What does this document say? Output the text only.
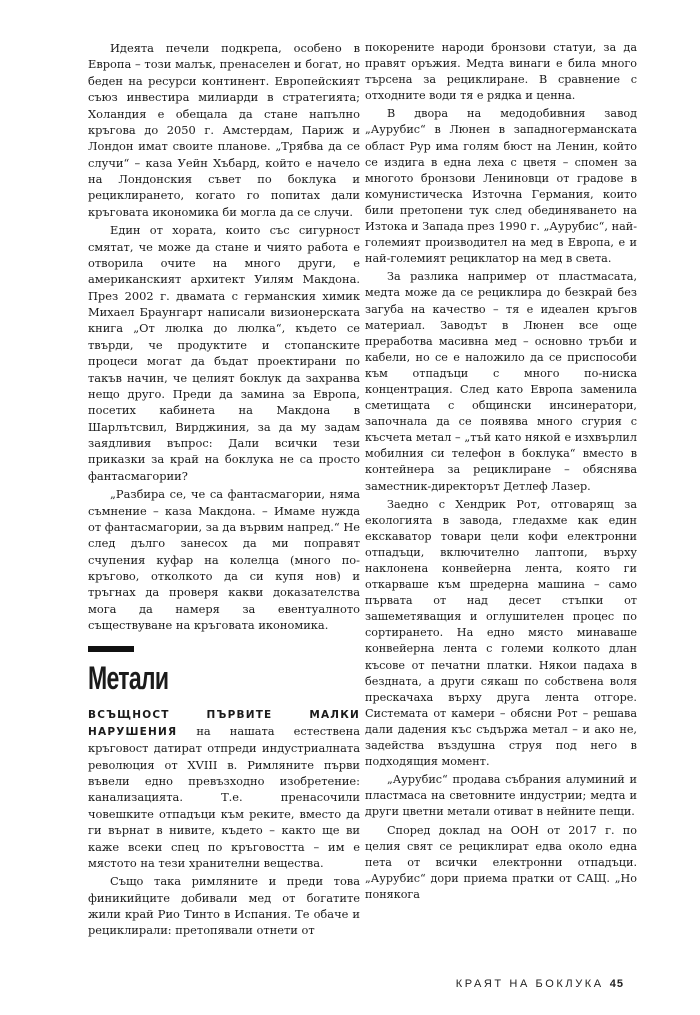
Идеята печели подкрепа, особено в Европа – този малък, пренаселен и богат, но беден на ресурси континент. Европейският съюз инвестира милиарди в стратегията; Холандия е обещала да стане напълно кръгова до 2050 г. Амстердам, Париж и Лондон имат своите планове. „Трябва да се случи“ – каза Уейн Хъбард, който е начело на Лондонския съвет по боклука и рециклирането, когато го попитах дали кръговата икономика би могла да се случи.

Един от хората, които със сигурност смятат, че може да стане и чиято работа е отворила очите на много други, е американският архитект Уилям Макдона. През 2002 г. двамата с германския химик Михаел Браунгарт написали визионерската книга „От люлка до люлка“, където се твърди, че продуктите и стопанските процеси могат да бъдат проектирани по такъв начин, че целият боклук да захранва нещо друго. Преди да замина за Европа, посетих кабинета на Макдона в Шарлътсвил, Вирджиния, за да му задам заядливия въпрос: Дали всички тези приказки за край на боклука не са просто фантасмагории?

„Разбира се, че са фантасмагории, няма съмнение – каза Макдона. – Имаме нужда от фантасмагории, за да вървим напред.“ Не след дълго занесох да ми поправят счупения куфар на колелца (много по-кръгово, отколкото да си купя нов) и тръгнах да проверя какви доказателства мога да намеря за евентуалното съществуване на кръговата икономика.

Метали

ВСЪЩНОСТ ПЪРВИТЕ МАЛКИ НАРУШЕНИЯ на нашата естествена кръговост датират отпреди индустриалната революция от XVIII в. Римляните първи въвели едно превъзходно изобретение: канализацията. Т.е. пренасочили човешките отпадъци към реките, вместо да ги върнат в нивите, където – както ще ви каже всеки спец по кръговостта – им е мястото на тези хранителни вещества.

Също така римляните и преди това финикийците добивали мед от богатите жили край Рио Тинто в Испания. Те обаче и рециклирали: претопявали отнети от

покорените народи бронзови статуи, за да правят оръжия. Медта винаги е била много търсена за рециклиране. В сравнение с отходните води тя е рядка и ценна.

В двора на медодобивния завод „Аурубис“ в Люнен в западногерманската област Рур има голям бюст на Ленин, който се издига в една леха с цветя – спомен за многото бронзови Лениновци от градове в комунистическа Източна Германия, които били претопени тук след обединяването на Изтока и Запада през 1990 г. „Аурубис“, най-големият производител на мед в Европа, е и най-големият рециклатор на мед в света.

За разлика например от пластмасата, медта може да се рециклира до безкрай без загуба на качество – тя е идеален кръгов материал. Заводът в Люнен все още преработва масивна мед – основно тръби и кабели, но се е наложило да се приспособи към отпадъци с много по-ниска концентрация. След като Европа заменила сметищата с общински инсинератори, започнала да се появява много сгурия с късчета метал – „тъй като някой е изхвърлил мобилния си телефон в боклука“ вместо в контейнера за рециклиране – обяснява заместник-директорът Детлеф Лазер.

Заедно с Хендрик Рот, отговарящ за екологията в завода, гледахме как един екскаватор товари цели кофи електронни отпадъци, включително лаптопи, върху наклонена конвейерна лента, която ги откарваше към шредерна машина – само първата от над десет стъпки от зашеметяващия и оглушителен процес по сортирането. На едно място минаваше конвейерна лента с големи колкото длан късове от печатни платки. Някои падаха в бездната, а други сякаш по собствена воля прескачаха върху друга лента отгоре. Системата от камери – обясни Рот – решава дали дадения къс съдържа метал – и ако не, задейства въздушна струя под него в подходящия момент.

„Аурубис“ продава събрания алуминий и пластмаса на световните индустрии; медта и други цветни метали отиват в нейните пещи.

Според доклад на ООН от 2017 г. по целия свят се рециклират едва около една пета от всички електронни отпадъци. „Аурубис“ дори приема пратки от САЩ. „Но понякога

КРАЯТ НА БОКЛУКА 45
